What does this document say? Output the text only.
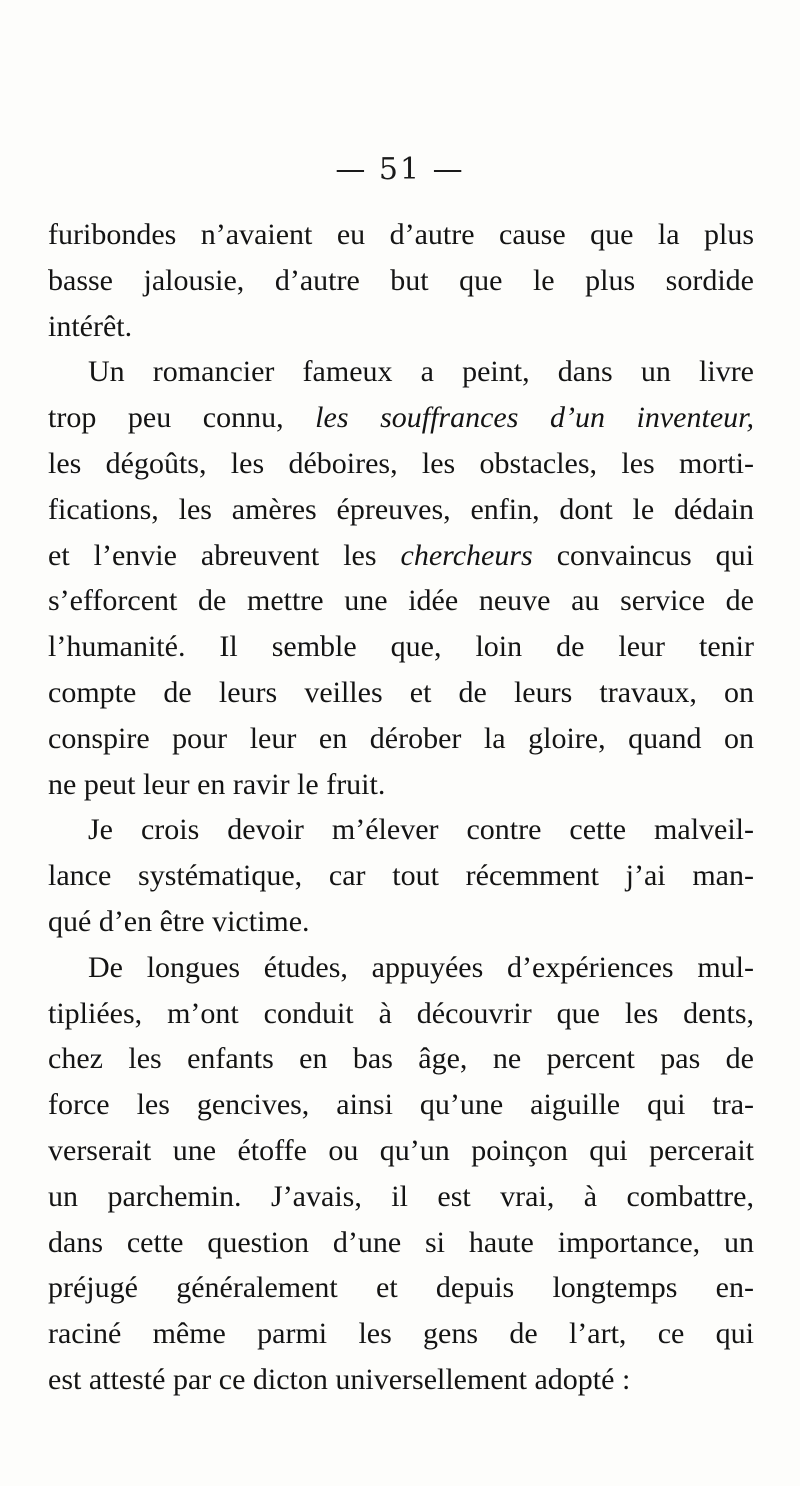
— 51 —
furibondes n’avaient eu d’autre cause que la plus
basse jalousie, d’autre but que le plus sordide
intérêt.
Un romancier fameux a peint, dans un livre
trop peu connu, les souffrances d’un inventeur,
les dégoûts, les déboires, les obstacles, les morti-
fications, les amères épreuves, enfin, dont le dédain
et l’envie abreuvent les chercheurs convaincus qui
s’efforcent de mettre une idée neuve au service de
l’humanité. Il semble que, loin de leur tenir
compte de leurs veilles et de leurs travaux, on
conspire pour leur en dérober la gloire, quand on
ne peut leur en ravir le fruit.
Je crois devoir m’élever contre cette malveil-
lance systématique, car tout récemment j’ai man-
qué d’en être victime.
De longues études, appuyées d’expériences mul-
tipliées, m’ont conduit à découvrir que les dents,
chez les enfants en bas âge, ne percent pas de
force les gencives, ainsi qu’une aiguille qui tra-
verserait une étoffe ou qu’un poinçon qui percerait
un parchemin. J’avais, il est vrai, à combattre,
dans cette question d’une si haute importance, un
préjugé généralement et depuis longtemps en-
raciné même parmi les gens de l’art, ce qui
est attesté par ce dicton universellement adopté :
